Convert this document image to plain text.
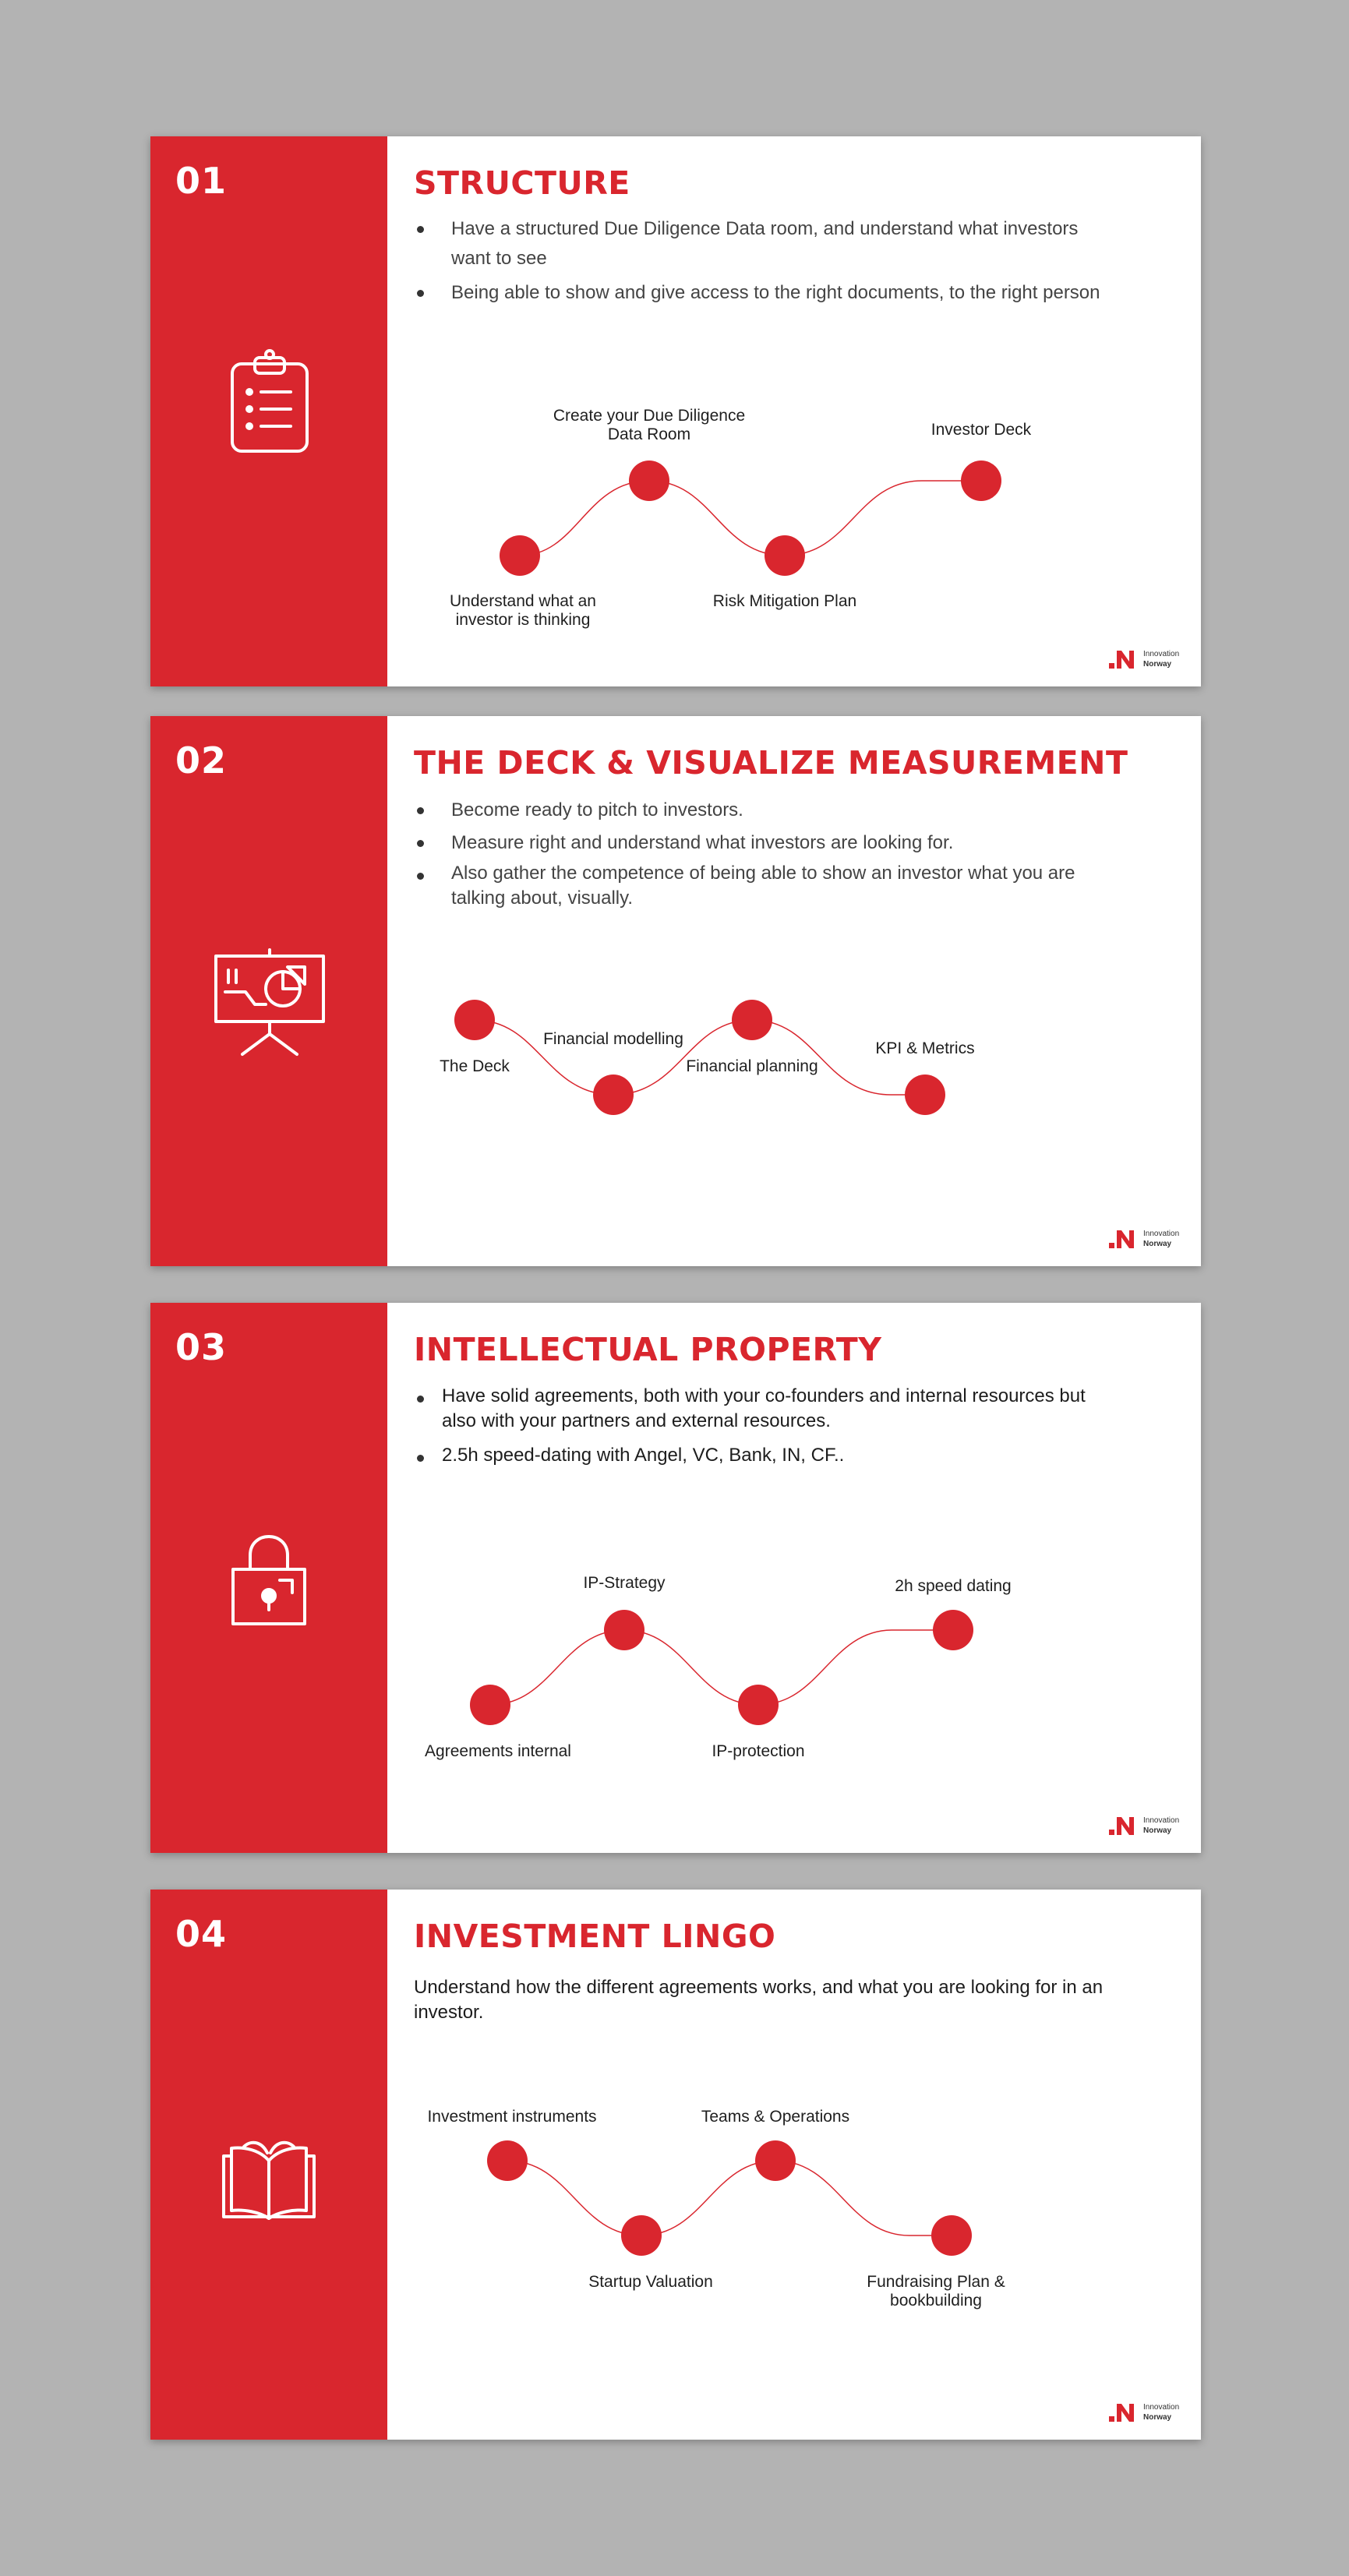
01	STRUCTURE
Have a structured Due Diligence Data room, and understand what investors want to see
Being able to show and give access to the right documents, to the right person
Understand what an investor is thinking
Create your Due Diligence Data Room
Risk Mitigation Plan
Investor Deck
Innovation
Norway
02	THE DECK & VISUALIZE MEASUREMENT
Become ready to pitch to investors.
Measure right and understand what investors are looking for.
Also gather the competence of being able to show an investor what you are talking about, visually.
The Deck
Financial modelling
Financial planning
KPI & Metrics
Innovation
Norway
03	INTELLECTUAL PROPERTY
Have solid agreements, both with your co-founders and internal resources but also with your partners and external resources.
2.5h speed-dating with Angel, VC, Bank, IN, CF..
Agreements internal
IP-Strategy
IP-protection
2h speed dating
Innovation
Norway
04	INVESTMENT LINGO
Understand how the different agreements works, and what you are looking for in an investor.
Investment instruments
Startup Valuation
Teams & Operations
Fundraising Plan & bookbuilding
Innovation
Norway
